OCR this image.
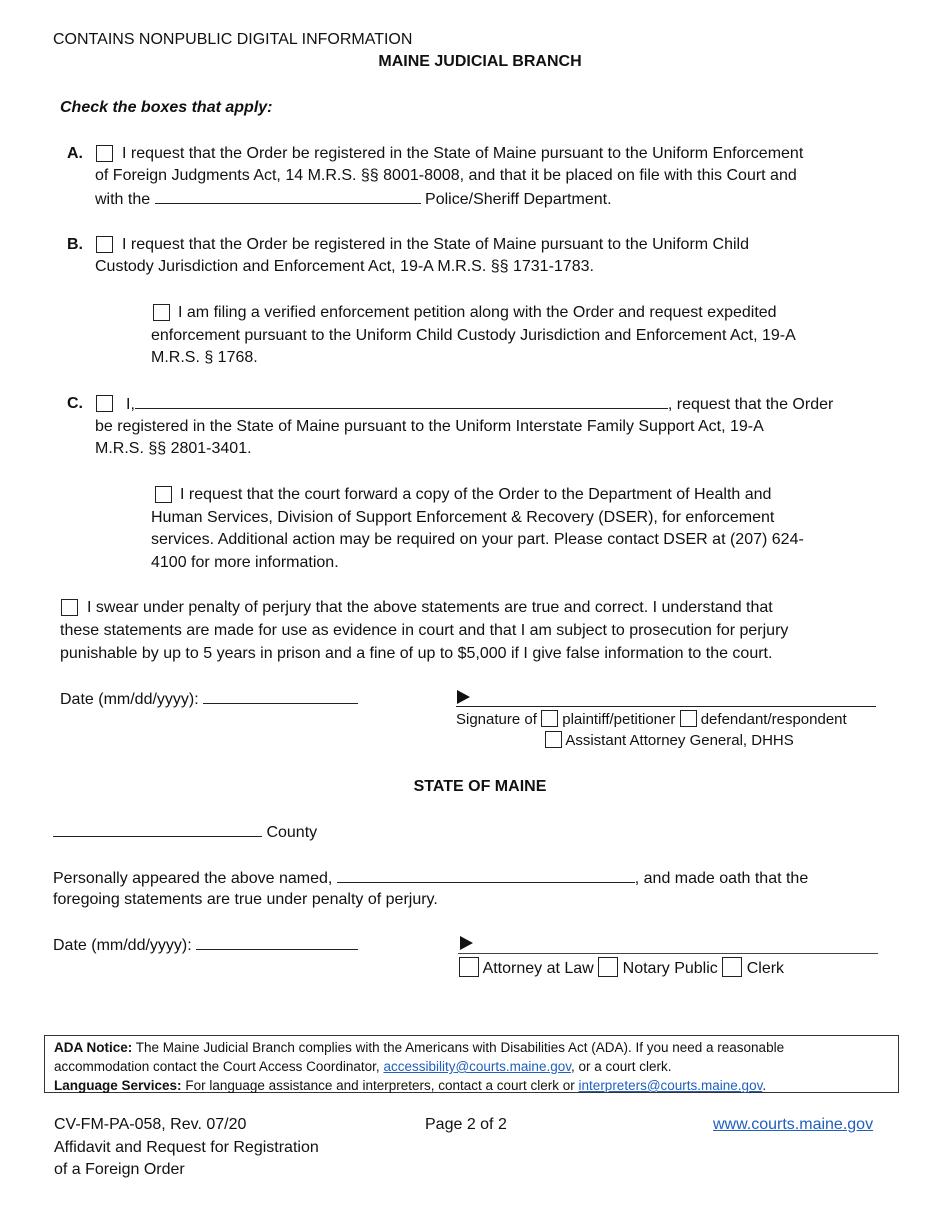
CONTAINS NONPUBLIC DIGITAL INFORMATION
MAINE JUDICIAL BRANCH
Check the boxes that apply:
A. I request that the Order be registered in the State of Maine pursuant to the Uniform Enforcement
of Foreign Judgments Act, 14 M.R.S. §§ 8001-8008, and that it be placed on file with this Court and
with the	Police/Sheriff Department.
B. I request that the Order be registered in the State of Maine pursuant to the Uniform Child
Custody Jurisdiction and Enforcement Act, 19-A M.R.S. §§ 1731-1783.
I am filing a verified enforcement petition along with the Order and request expedited
enforcement pursuant to the Uniform Child Custody Jurisdiction and Enforcement Act, 19-A
M.R.S. § 1768.
C.	I,	, request that the Order
be registered in the State of Maine pursuant to the Uniform Interstate Family Support Act, 19-A
M.R.S. §§ 2801-3401.
I request that the court forward a copy of the Order to the Department of Health and
Human Services, Division of Support Enforcement & Recovery (DSER), for enforcement
services. Additional action may be required on your part. Please contact DSER at (207) 624-
4100 for more information.
I swear under penalty of perjury that the above statements are true and correct. I understand that
these statements are made for use as evidence in court and that I am subject to prosecution for perjury
punishable by up to 5 years in prison and a fine of up to $5,000 if I give false information to the court.
Date (mm/dd/yyyy):
Signature of plaintiff/petitioner defendant/respondent
Assistant Attorney General, DHHS
STATE OF MAINE
County
Personally appeared the above named,	, and made oath that the
foregoing statements are true under penalty of perjury.
Date (mm/dd/yyyy):
Attorney at Law Notary Public Clerk
ADA Notice: The Maine Judicial Branch complies with the Americans with Disabilities Act (ADA). If you need a reasonable
accommodation contact the Court Access Coordinator, accessibility@courts.maine.gov, or a court clerk.
Language Services: For language assistance and interpreters, contact a court clerk or interpreters@courts.maine.gov.
CV-FM-PA-058, Rev. 07/20
Affidavit and Request for Registration
of a Foreign Order
Page 2 of 2	www.courts.maine.gov
